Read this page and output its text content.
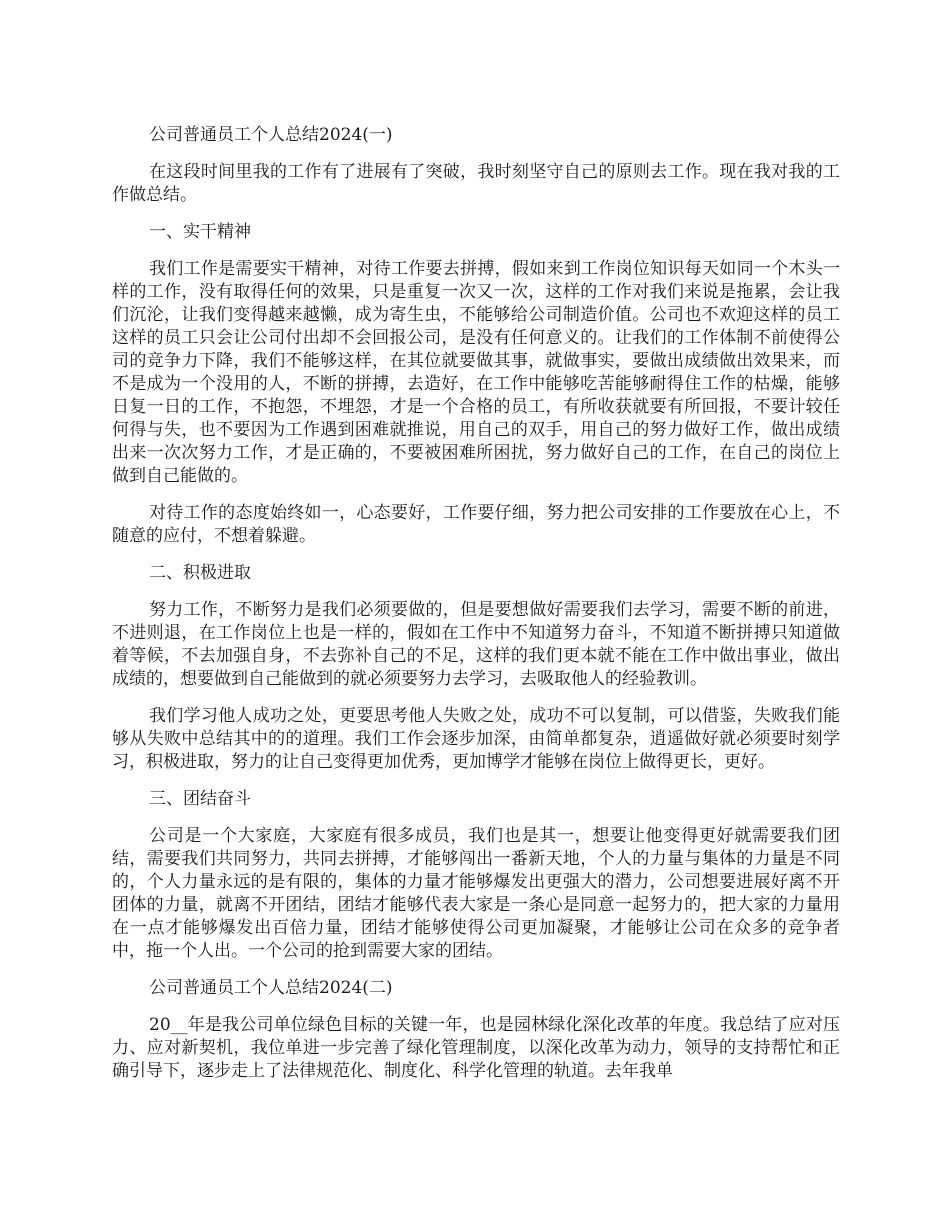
公司普通员工个人总结2024(一)

在这段时间里我的工作有了进展有了突破，我时刻坚守自己的原则去工作。现在我对我的工作做总结。

一、实干精神

我们工作是需要实干精神，对待工作要去拼搏，假如来到工作岗位知识每天如同一个木头一样的工作，没有取得任何的效果，只是重复一次又一次，这样的工作对我们来说是拖累，会让我们沉沦，让我们变得越来越懒，成为寄生虫，不能够给公司制造价值。公司也不欢迎这样的员工这样的员工只会让公司付出却不会回报公司，是没有任何意义的。让我们的工作体制不前使得公司的竞争力下降，我们不能够这样，在其位就要做其事，就做事实，要做出成绩做出效果来，而不是成为一个没用的人，不断的拼搏，去造好，在工作中能够吃苦能够耐得住工作的枯燥，能够日复一日的工作，不抱怨，不埋怨，才是一个合格的员工，有所收获就要有所回报，不要计较任何得与失，也不要因为工作遇到困难就推说，用自己的双手，用自己的努力做好工作，做出成绩出来一次次努力工作，才是正确的，不要被困难所困扰，努力做好自己的工作，在自己的岗位上做到自己能做的。

对待工作的态度始终如一，心态要好，工作要仔细，努力把公司安排的工作要放在心上，不随意的应付，不想着躲避。

二、积极进取

努力工作，不断努力是我们必须要做的，但是要想做好需要我们去学习，需要不断的前进，不进则退，在工作岗位上也是一样的，假如在工作中不知道努力奋斗，不知道不断拼搏只知道做着等候，不去加强自身，不去弥补自己的不足，这样的我们更本就不能在工作中做出事业，做出成绩的，想要做到自己能做到的就必须要努力去学习，去吸取他人的经验教训。

我们学习他人成功之处，更要思考他人失败之处，成功不可以复制，可以借鉴，失败我们能够从失败中总结其中的的道理。我们工作会逐步加深，由简单都复杂，逍遥做好就必须要时刻学习，积极进取，努力的让自己变得更加优秀，更加博学才能够在岗位上做得更长，更好。

三、团结奋斗

公司是一个大家庭，大家庭有很多成员，我们也是其一，想要让他变得更好就需要我们团结，需要我们共同努力，共同去拼搏，才能够闯出一番新天地，个人的力量与集体的力量是不同的，个人力量永远的是有限的，集体的力量才能够爆发出更强大的潜力，公司想要进展好离不开团体的力量，就离不开团结，团结才能够代表大家是一条心是同意一起努力的，把大家的力量用在一点才能够爆发出百倍力量，团结才能够使得公司更加凝聚，才能够让公司在众多的竞争者中，拖一个人出。一个公司的抢到需要大家的团结。

公司普通员工个人总结2024(二)

20__年是我公司单位绿色目标的关键一年，也是园林绿化深化改革的年度。我总结了应对压力、应对新契机，我位单进一步完善了绿化管理制度，以深化改革为动力，领导的支持帮忙和正确引导下，逐步走上了法律规范化、制度化、科学化管理的轨道。去年我单
